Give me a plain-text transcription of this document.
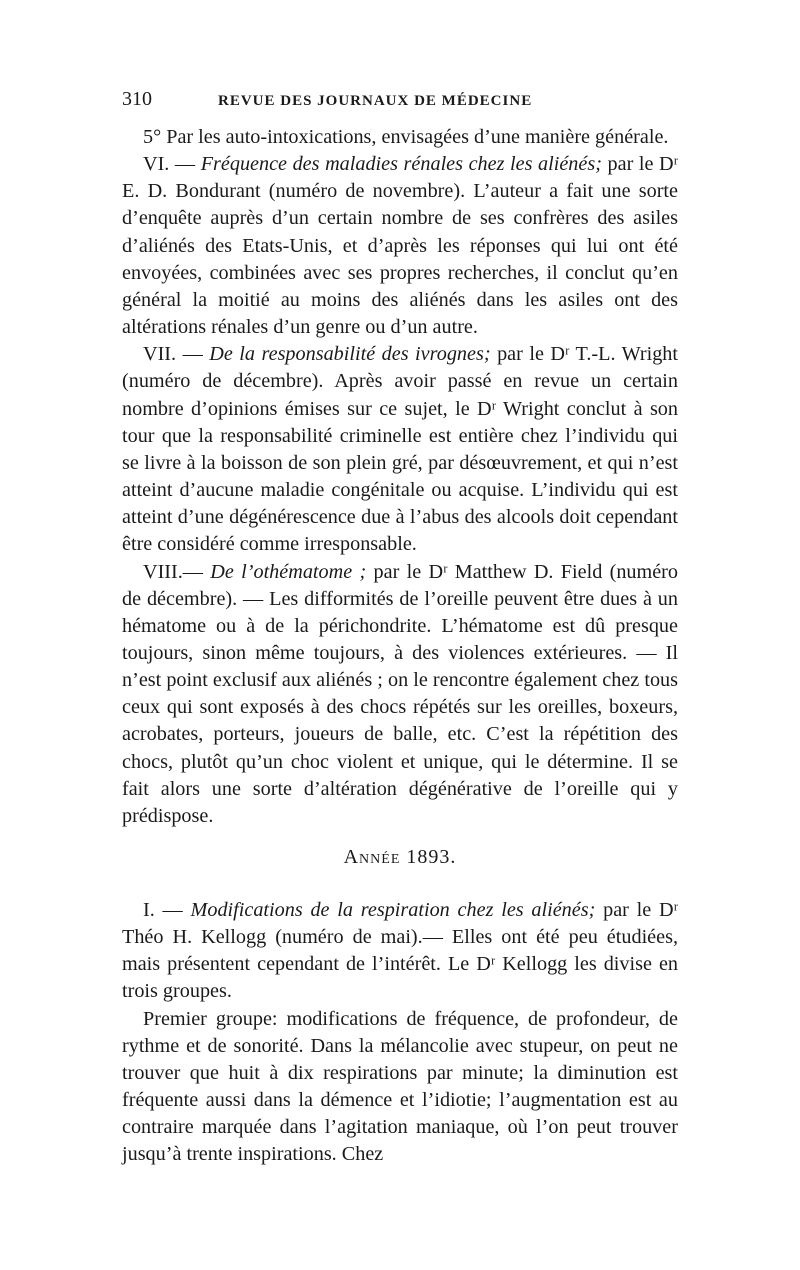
310	REVUE DES JOURNAUX DE MÉDECINE

5° Par les auto-intoxications, envisagées d’une manière générale.

VI. — Fréquence des maladies rénales chez les aliénés; par le Dʳ E. D. Bondurant (numéro de novembre). L’auteur a fait une sorte d’enquête auprès d’un certain nombre de ses confrères des asiles d’aliénés des Etats-Unis, et d’après les réponses qui lui ont été envoyées, combinées avec ses propres recherches, il conclut qu’en général la moitié au moins des aliénés dans les asiles ont des altérations rénales d’un genre ou d’un autre.

VII. — De la responsabilité des ivrognes; par le Dʳ T.-L. Wright (numéro de décembre). Après avoir passé en revue un certain nombre d’opinions émises sur ce sujet, le Dʳ Wright conclut à son tour que la responsabilité criminelle est entière chez l’individu qui se livre à la boisson de son plein gré, par désœuvrement, et qui n’est atteint d’aucune maladie congénitale ou acquise. L’individu qui est atteint d’une dégénérescence due à l’abus des alcools doit cependant être considéré comme irresponsable.

VIII.— De l’othématome ; par le Dʳ Matthew D. Field (numéro de décembre). — Les difformités de l’oreille peuvent être dues à un hématome ou à de la périchondrite. L’hématome est dû presque toujours, sinon même toujours, à des violences extérieures. — Il n’est point exclusif aux aliénés ; on le rencontre également chez tous ceux qui sont exposés à des chocs répétés sur les oreilles, boxeurs, acrobates, porteurs, joueurs de balle, etc. C’est la répétition des chocs, plutôt qu’un choc violent et unique, qui le détermine. Il se fait alors une sorte d’altération dégénérative de l’oreille qui y prédispose.

Année 1893.

I. — Modifications de la respiration chez les aliénés; par le Dʳ Théo H. Kellogg (numéro de mai).— Elles ont été peu étudiées, mais présentent cependant de l’intérêt. Le Dʳ Kellogg les divise en trois groupes.

Premier groupe: modifications de fréquence, de profondeur, de rythme et de sonorité. Dans la mélancolie avec stupeur, on peut ne trouver que huit à dix respirations par minute; la diminution est fréquente aussi dans la démence et l’idiotie; l’augmentation est au contraire marquée dans l’agitation maniaque, où l’on peut trouver jusqu’à trente inspirations. Chez
